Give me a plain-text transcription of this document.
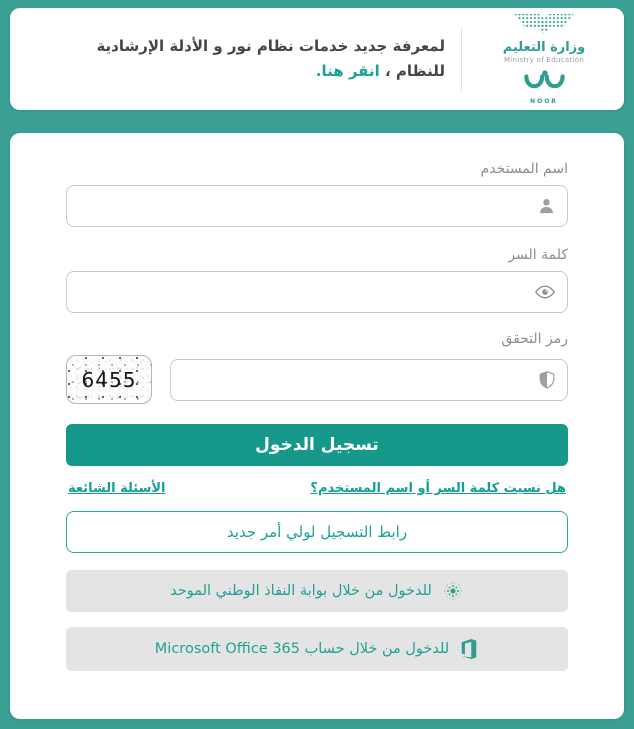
وزارة التعليم
Ministry of Education
NOOR
لمعرفة جديد خدمات نظام نور و الأدلة الإرشادية
للنظام ، انقر هنا.
اسم المستخدم
كلمة السر
رمز التحقق
6455
تسجيل الدخول
هل نسيت كلمة السر أو اسم المستخدم؟
الأسئلة الشائعة
رابط التسجيل لولي أمر جديد
للدخول من خلال بوابة النفاذ الوطني الموحد
للدخول من خلال حساب Microsoft Office 365
